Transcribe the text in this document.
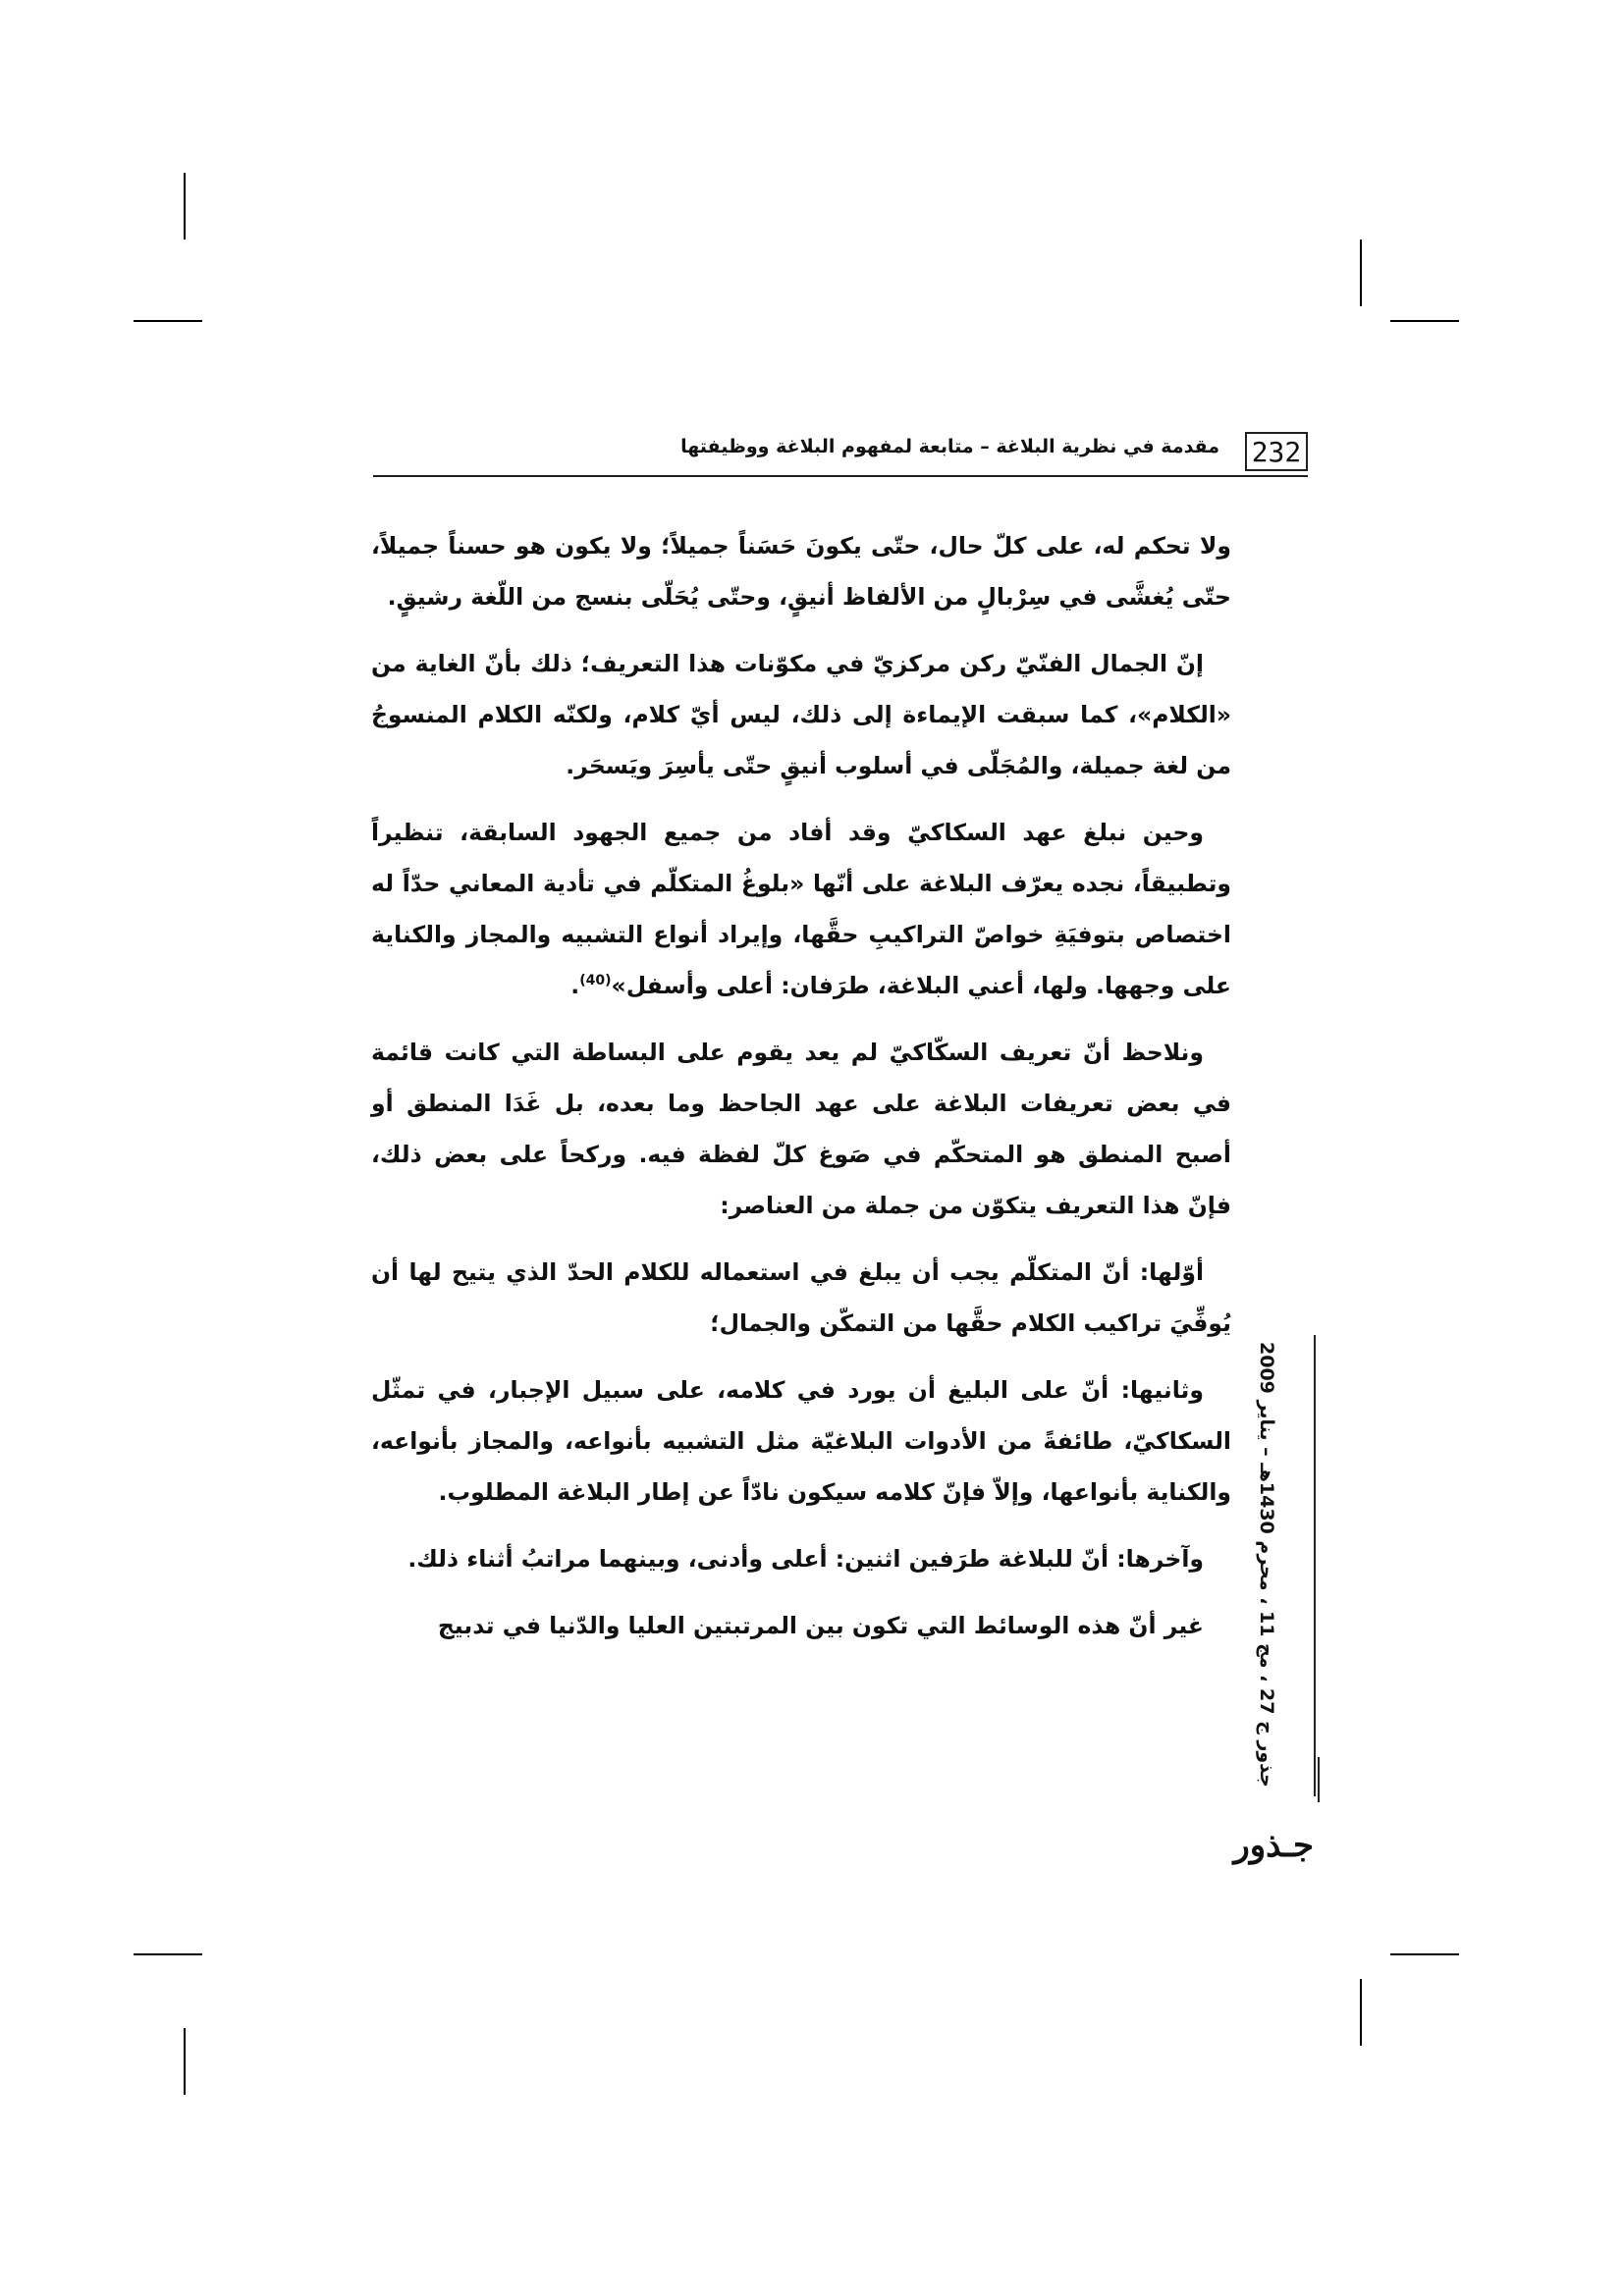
232
مقدمة في نظرية البلاغة – متابعة لمفهوم البلاغة ووظيفتها

ولا تحكم له، على كلّ حال، حتّى يكونَ حَسَناً جميلاً؛ ولا يكون هو حسناً جميلاً، حتّى يُغشَّى في سِرْبالٍ من الألفاظ أنيقٍ، وحتّى يُحَلّى بنسج من اللّغة رشيقٍ.

إنّ الجمال الفنّيّ ركن مركزيّ في مكوّنات هذا التعريف؛ ذلك بأنّ الغاية من «الكلام»، كما سبقت الإيماءة إلى ذلك، ليس أيّ كلام، ولكنّه الكلام المنسوجُ من لغة جميلة، والمُجَلّى في أسلوب أنيقٍ حتّى يأسِرَ ويَسحَر.

وحين نبلغ عهد السكاكيّ وقد أفاد من جميع الجهود السابقة، تنظيراً وتطبيقاً، نجده يعرّف البلاغة على أنّها «بلوغُ المتكلّم في تأدية المعاني حدّاً له اختصاص بتوفيَةِ خواصّ التراكيبِ حقَّها، وإيراد أنواع التشبيه والمجاز والكناية على وجهها. ولها، أعني البلاغة، طرَفان: أعلى وأسفل»$^{(40)}$.

ونلاحظ أنّ تعريف السكّاكيّ لم يعد يقوم على البساطة التي كانت قائمة في بعض تعريفات البلاغة على عهد الجاحظ وما بعده، بل غَدَا المنطق أو أصبح المنطق هو المتحكّم في صَوغ كلّ لفظة فيه. وركحاً على بعض ذلك، فإنّ هذا التعريف يتكوّن من جملة من العناصر:

أوّلها: أنّ المتكلّم يجب أن يبلغ في استعماله للكلام الحدّ الذي يتيح لها أن يُوفِّيَ تراكيب الكلام حقَّها من التمكّن والجمال؛

وثانيها: أنّ على البليغ أن يورد في كلامه، على سبيل الإجبار، في تمثّل السكاكيّ، طائفةً من الأدوات البلاغيّة مثل التشبيه بأنواعه، والمجاز بأنواعه، والكناية بأنواعها، وإلاّ فإنّ كلامه سيكون نادّاً عن إطار البلاغة المطلوب.

وآخرها: أنّ للبلاغة طرَفين اثنين: أعلى وأدنى، وبينهما مراتبُ أثناء ذلك.

غير أنّ هذه الوسائط التي تكون بين المرتبتين العليا والدّنيا في تدبيج

جذور ج 27 ، مج 11 ، محرم 1430هـ – يناير 2009
جـذور
